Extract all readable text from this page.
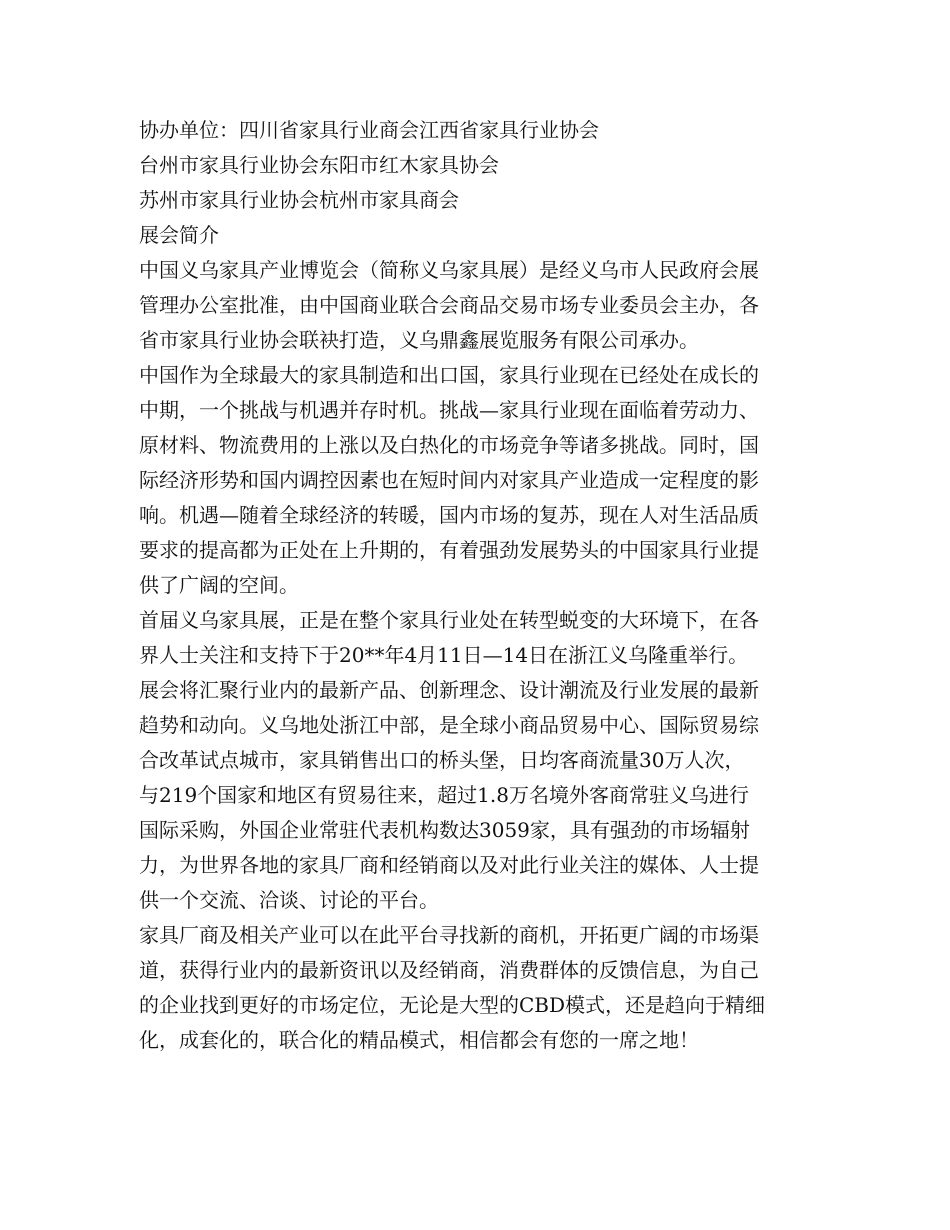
协办单位：四川省家具行业商会江西省家具行业协会
台州市家具行业协会东阳市红木家具协会
苏州市家具行业协会杭州市家具商会
展会简介
中国义乌家具产业博览会（简称义乌家具展）是经义乌市人民政府会展
管理办公室批准，由中国商业联合会商品交易市场专业委员会主办，各
省市家具行业协会联袂打造，义乌鼎鑫展览服务有限公司承办。
中国作为全球最大的家具制造和出口国，家具行业现在已经处在成长的
中期，一个挑战与机遇并存时机。挑战—家具行业现在面临着劳动力、
原材料、物流费用的上涨以及白热化的市场竞争等诸多挑战。同时，国
际经济形势和国内调控因素也在短时间内对家具产业造成一定程度的影
响。机遇—随着全球经济的转暖，国内市场的复苏，现在人对生活品质
要求的提高都为正处在上升期的，有着强劲发展势头的中国家具行业提
供了广阔的空间。
首届义乌家具展，正是在整个家具行业处在转型蜕变的大环境下，在各
界人士关注和支持下于20**年4月11日—14日在浙江义乌隆重举行。
展会将汇聚行业内的最新产品、创新理念、设计潮流及行业发展的最新
趋势和动向。义乌地处浙江中部，是全球小商品贸易中心、国际贸易综
合改革试点城市，家具销售出口的桥头堡，日均客商流量30万人次，
与219个国家和地区有贸易往来，超过1.8万名境外客商常驻义乌进行
国际采购，外国企业常驻代表机构数达3059家，具有强劲的市场辐射
力，为世界各地的家具厂商和经销商以及对此行业关注的媒体、人士提
供一个交流、洽谈、讨论的平台。
家具厂商及相关产业可以在此平台寻找新的商机，开拓更广阔的市场渠
道，获得行业内的最新资讯以及经销商，消费群体的反馈信息，为自己
的企业找到更好的市场定位，无论是大型的CBD模式，还是趋向于精细
化，成套化的，联合化的精品模式，相信都会有您的一席之地！
